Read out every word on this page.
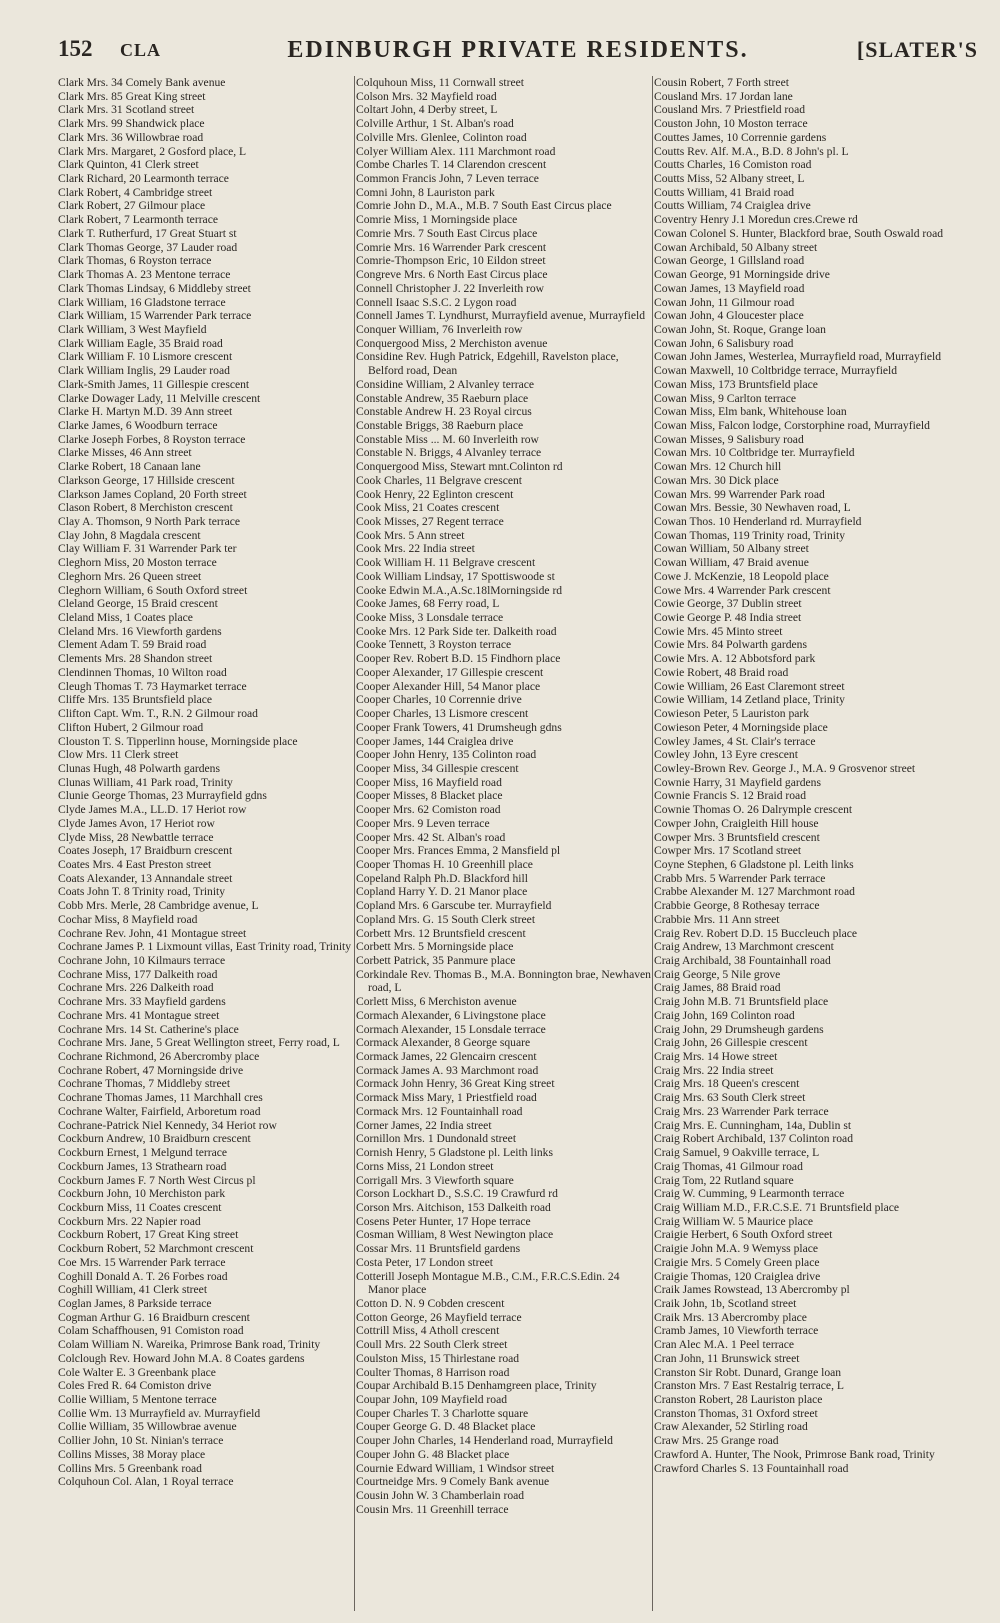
152 CLA	EDINBURGH PRIVATE RESIDENTS.	[SLATER'S
Clark Mrs. 34 Comely Bank avenue
Clark Mrs. 85 Great King street
Clark Mrs. 31 Scotland street
Clark Mrs. 99 Shandwick place
Clark Mrs. 36 Willowbrae road
Clark Mrs. Margaret, 2 Gosford place, L
Clark Quinton, 41 Clerk street
Clark Richard, 20 Learmonth terrace
Clark Robert, 4 Cambridge street
Clark Robert, 27 Gilmour place
Clark Robert, 7 Learmonth terrace
Clark T. Rutherfurd, 17 Great Stuart st
Clark Thomas George, 37 Lauder road
Clark Thomas, 6 Royston terrace
Clark Thomas A. 23 Mentone terrace
Clark Thomas Lindsay, 6 Middleby street
Clark William, 16 Gladstone terrace
Clark William, 15 Warrender Park terrace
Clark William, 3 West Mayfield
Clark William Eagle, 35 Braid road
Clark William F. 10 Lismore crescent
Clark William Inglis, 29 Lauder road
Clark-Smith James, 11 Gillespie crescent
Clarke Dowager Lady, 11 Melville crescent
Clarke H. Martyn M.D. 39 Ann street
Clarke James, 6 Woodburn terrace
Clarke Joseph Forbes, 8 Royston terrace
Clarke Misses, 46 Ann street
Clarke Robert, 18 Canaan lane
Clarkson George, 17 Hillside crescent
Clarkson James Copland, 20 Forth street
Clason Robert, 8 Merchiston crescent
Clay A. Thomson, 9 North Park terrace
Clay John, 8 Magdala crescent
Clay William F. 31 Warrender Park ter
Cleghorn Miss, 20 Moston terrace
Cleghorn Mrs. 26 Queen street
Cleghorn William, 6 South Oxford street
Cleland George, 15 Braid crescent
Cleland Miss, 1 Coates place
Cleland Mrs. 16 Viewforth gardens
Clement Adam T. 59 Braid road
Clements Mrs. 28 Shandon street
Clendinnen Thomas, 10 Wilton road
Cleugh Thomas T. 73 Haymarket terrace
Cliffe Mrs. 135 Bruntsfield place
Clifton Capt. Wm. T., R.N. 2 Gilmour road
Clifton Hubert, 2 Gilmour road
Clouston T. S. Tipperlinn house, Morningside place
Clow Mrs. 11 Clerk street
Clunas Hugh, 48 Polwarth gardens
Clunas William, 41 Park road, Trinity
Clunie George Thomas, 23 Murrayfield gdns
Clyde James M.A., LL.D. 17 Heriot row
Clyde James Avon, 17 Heriot row
Clyde Miss, 28 Newbattle terrace
Coates Joseph, 17 Braidburn crescent
Coates Mrs. 4 East Preston street
Coats Alexander, 13 Annandale street
Coats John T. 8 Trinity road, Trinity
Cobb Mrs. Merle, 28 Cambridge avenue, L
Cochar Miss, 8 Mayfield road
Cochrane Rev. John, 41 Montague street
Cochrane James P. 1 Lixmount villas, East Trinity road, Trinity
Cochrane John, 10 Kilmaurs terrace
Cochrane Miss, 177 Dalkeith road
Cochrane Mrs. 226 Dalkeith road
Cochrane Mrs. 33 Mayfield gardens
Cochrane Mrs. 41 Montague street
Cochrane Mrs. 14 St. Catherine's place
Cochrane Mrs. Jane, 5 Great Wellington street, Ferry road, L
Cochrane Richmond, 26 Abercromby place
Cochrane Robert, 47 Morningside drive
Cochrane Thomas, 7 Middleby street
Cochrane Thomas James, 11 Marchhall cres
Cochrane Walter, Fairfield, Arboretum road
Cochrane-Patrick Niel Kennedy, 34 Heriot row
Cockburn Andrew, 10 Braidburn crescent
Cockburn Ernest, 1 Melgund terrace
Cockburn James, 13 Strathearn road
Cockburn James F. 7 North West Circus pl
Cockburn John, 10 Merchiston park
Cockburn Miss, 11 Coates crescent
Cockburn Mrs. 22 Napier road
Cockburn Robert, 17 Great King street
Cockburn Robert, 52 Marchmont crescent
Coe Mrs. 15 Warrender Park terrace
Coghill Donald A. T. 26 Forbes road
Coghill William, 41 Clerk street
Coglan James, 8 Parkside terrace
Cogman Arthur G. 16 Braidburn crescent
Colam Schaffhousen, 91 Comiston road
Colam William N. Wareika, Primrose Bank road, Trinity
Colclough Rev. Howard John M.A. 8 Coates gardens
Cole Walter E. 3 Greenbank place
Coles Fred R. 64 Comiston drive
Collie William, 5 Mentone terrace
Collie Wm. 13 Murrayfield av. Murrayfield
Collie William, 35 Willowbrae avenue
Collier John, 10 St. Ninian's terrace
Collins Misses, 38 Moray place
Collins Mrs. 5 Greenbank road
Colquhoun Col. Alan, 1 Royal terrace
Colquhoun Miss, 11 Cornwall street
Colson Mrs. 32 Mayfield road
Coltart John, 4 Derby street, L
Colville Arthur, 1 St. Alban's road
Colville Mrs. Glenlee, Colinton road
Colyer William Alex. 111 Marchmont road
Combe Charles T. 14 Clarendon crescent
Common Francis John, 7 Leven terrace
Comni John, 8 Lauriston park
Comrie John D., M.A., M.B. 7 South East Circus place
Comrie Miss, 1 Morningside place
Comrie Mrs. 7 South East Circus place
Comrie Mrs. 16 Warrender Park crescent
Comrie-Thompson Eric, 10 Eildon street
Congreve Mrs. 6 North East Circus place
Connell Christopher J. 22 Inverleith row
Connell Isaac S.S.C. 2 Lygon road
Connell James T. Lyndhurst, Murrayfield avenue, Murrayfield
Conquer William, 76 Inverleith row
Conquergood Miss, 2 Merchiston avenue
Considine Rev. Hugh Patrick, Edgehill, Ravelston place, Belford road, Dean
Considine William, 2 Alvanley terrace
Constable Andrew, 35 Raeburn place
Constable Andrew H. 23 Royal circus
Constable Briggs, 38 Raeburn place
Constable Miss ... M. 60 Inverleith row
Constable N. Briggs, 4 Alvanley terrace
Conquergood Miss, Stewart mnt.Colinton rd
Cook Charles, 11 Belgrave crescent
Cook Henry, 22 Eglinton crescent
Cook Miss, 21 Coates crescent
Cook Misses, 27 Regent terrace
Cook Mrs. 5 Ann street
Cook Mrs. 22 India street
Cook William H. 11 Belgrave crescent
Cook William Lindsay, 17 Spottiswoode st
Cooke Edwin M.A.,A.Sc.18lMorningside rd
Cooke James, 68 Ferry road, L
Cooke Miss, 3 Lonsdale terrace
Cooke Mrs. 12 Park Side ter. Dalkeith road
Cooke Tennett, 3 Royston terrace
Cooper Rev. Robert B.D. 15 Findhorn place
Cooper Alexander, 17 Gillespie crescent
Cooper Alexander Hill, 54 Manor place
Cooper Charles, 10 Corrennie drive
Cooper Charles, 13 Lismore crescent
Cooper Frank Towers, 41 Drumsheugh gdns
Cooper James, 144 Craiglea drive
Cooper John Henry, 135 Colinton road
Cooper Miss, 34 Gillespie crescent
Cooper Miss, 16 Mayfield road
Cooper Misses, 8 Blacket place
Cooper Mrs. 62 Comiston road
Cooper Mrs. 9 Leven terrace
Cooper Mrs. 42 St. Alban's road
Cooper Mrs. Frances Emma, 2 Mansfield pl
Cooper Thomas H. 10 Greenhill place
Copeland Ralph Ph.D. Blackford hill
Copland Harry Y. D. 21 Manor place
Copland Mrs. 6 Garscube ter. Murrayfield
Copland Mrs. G. 15 South Clerk street
Corbett Mrs. 12 Bruntsfield crescent
Corbett Mrs. 5 Morningside place
Corbett Patrick, 35 Panmure place
Corkindale Rev. Thomas B., M.A. Bonnington brae, Newhaven road, L
Corlett Miss, 6 Merchiston avenue
Cormach Alexander, 6 Livingstone place
Cormach Alexander, 15 Lonsdale terrace
Cormack Alexander, 8 George square
Cormack James, 22 Glencairn crescent
Cormack James A. 93 Marchmont road
Cormack John Henry, 36 Great King street
Cormack Miss Mary, 1 Priestfield road
Cormack Mrs. 12 Fountainhall road
Corner James, 22 India street
Cornillon Mrs. 1 Dundonald street
Cornish Henry, 5 Gladstone pl. Leith links
Corns Miss, 21 London street
Corrigall Mrs. 3 Viewforth square
Corson Lockhart D., S.S.C. 19 Crawfurd rd
Corson Mrs. Aitchison, 153 Dalkeith road
Cosens Peter Hunter, 17 Hope terrace
Cosman William, 8 West Newington place
Cossar Mrs. 11 Bruntsfield gardens
Costa Peter, 17 London street
Cotterill Joseph Montague M.B., C.M., F.R.C.S.Edin. 24 Manor place
Cotton D. N. 9 Cobden crescent
Cotton George, 26 Mayfield terrace
Cottrill Miss, 4 Atholl crescent
Coull Mrs. 22 South Clerk street
Coulston Miss, 15 Thirlestane road
Coulter Thomas, 8 Harrison road
Coupar Archibald B.15 Denhamgreen place, Trinity
Coupar John, 109 Mayfield road
Couper Charles T. 3 Charlotte square
Couper George G. D. 48 Blacket place
Couper John Charles, 14 Henderland road, Murrayfield
Couper John G. 48 Blacket place
Cournie Edward William, 1 Windsor street
Courtneidge Mrs. 9 Comely Bank avenue
Cousin John W. 3 Chamberlain road
Cousin Mrs. 11 Greenhill terrace
Cousin Robert, 7 Forth street
Cousland Mrs. 17 Jordan lane
Cousland Mrs. 7 Priestfield road
Couston John, 10 Moston terrace
Couttes James, 10 Corrennie gardens
Coutts Rev. Alf. M.A., B.D. 8 John's pl. L
Coutts Charles, 16 Comiston road
Coutts Miss, 52 Albany street, L
Coutts William, 41 Braid road
Coutts William, 74 Craiglea drive
Coventry Henry J.1 Moredun cres.Crewe rd
Cowan Colonel S. Hunter, Blackford brae, South Oswald road
Cowan Archibald, 50 Albany street
Cowan George, 1 Gillsland road
Cowan George, 91 Morningside drive
Cowan James, 13 Mayfield road
Cowan John, 11 Gilmour road
Cowan John, 4 Gloucester place
Cowan John, St. Roque, Grange loan
Cowan John, 6 Salisbury road
Cowan John James, Westerlea, Murrayfield road, Murrayfield
Cowan Maxwell, 10 Coltbridge terrace, Murrayfield
Cowan Miss, 173 Bruntsfield place
Cowan Miss, 9 Carlton terrace
Cowan Miss, Elm bank, Whitehouse loan
Cowan Miss, Falcon lodge, Corstorphine road, Murrayfield
Cowan Misses, 9 Salisbury road
Cowan Mrs. 10 Coltbridge ter. Murrayfield
Cowan Mrs. 12 Church hill
Cowan Mrs. 30 Dick place
Cowan Mrs. 99 Warrender Park road
Cowan Mrs. Bessie, 30 Newhaven road, L
Cowan Thos. 10 Henderland rd. Murrayfield
Cowan Thomas, 119 Trinity road, Trinity
Cowan William, 50 Albany street
Cowan William, 47 Braid avenue
Cowe J. McKenzie, 18 Leopold place
Cowe Mrs. 4 Warrender Park crescent
Cowie George, 37 Dublin street
Cowie George P. 48 India street
Cowie Mrs. 45 Minto street
Cowie Mrs. 84 Polwarth gardens
Cowie Mrs. A. 12 Abbotsford park
Cowie Robert, 48 Braid road
Cowie William, 26 East Claremont street
Cowie William, 14 Zetland place, Trinity
Cowieson Peter, 5 Lauriston park
Cowieson Peter, 4 Morningside place
Cowley James, 4 St. Clair's terrace
Cowley John, 13 Eyre crescent
Cowley-Brown Rev. George J., M.A. 9 Grosvenor street
Cownie Harry, 31 Mayfield gardens
Cownie Francis S. 12 Braid road
Cownie Thomas O. 26 Dalrymple crescent
Cowper John, Craigleith Hill house
Cowper Mrs. 3 Bruntsfield crescent
Cowper Mrs. 17 Scotland street
Coyne Stephen, 6 Gladstone pl. Leith links
Crabb Mrs. 5 Warrender Park terrace
Crabbe Alexander M. 127 Marchmont road
Crabbie George, 8 Rothesay terrace
Crabbie Mrs. 11 Ann street
Craig Rev. Robert D.D. 15 Buccleuch place
Craig Andrew, 13 Marchmont crescent
Craig Archibald, 38 Fountainhall road
Craig George, 5 Nile grove
Craig James, 88 Braid road
Craig John M.B. 71 Bruntsfield place
Craig John, 169 Colinton road
Craig John, 29 Drumsheugh gardens
Craig John, 26 Gillespie crescent
Craig Mrs. 14 Howe street
Craig Mrs. 22 India street
Craig Mrs. 18 Queen's crescent
Craig Mrs. 63 South Clerk street
Craig Mrs. 23 Warrender Park terrace
Craig Mrs. E. Cunningham, 14a, Dublin st
Craig Robert Archibald, 137 Colinton road
Craig Samuel, 9 Oakville terrace, L
Craig Thomas, 41 Gilmour road
Craig Tom, 22 Rutland square
Craig W. Cumming, 9 Learmonth terrace
Craig William M.D., F.R.C.S.E. 71 Bruntsfield place
Craig William W. 5 Maurice place
Craigie Herbert, 6 South Oxford street
Craigie John M.A. 9 Wemyss place
Craigie Mrs. 5 Comely Green place
Craigie Thomas, 120 Craiglea drive
Craik James Rowstead, 13 Abercromby pl
Craik John, 1b, Scotland street
Craik Mrs. 13 Abercromby place
Cramb James, 10 Viewforth terrace
Cran Alec M.A. 1 Peel terrace
Cran John, 11 Brunswick street
Cranston Sir Robt. Dunard, Grange loan
Cranston Mrs. 7 East Restalrig terrace, L
Cranston Robert, 28 Lauriston place
Cranston Thomas, 31 Oxford street
Craw Alexander, 52 Stirling road
Craw Mrs. 25 Grange road
Crawford A. Hunter, The Nook, Primrose Bank road, Trinity
Crawford Charles S. 13 Fountainhall road
